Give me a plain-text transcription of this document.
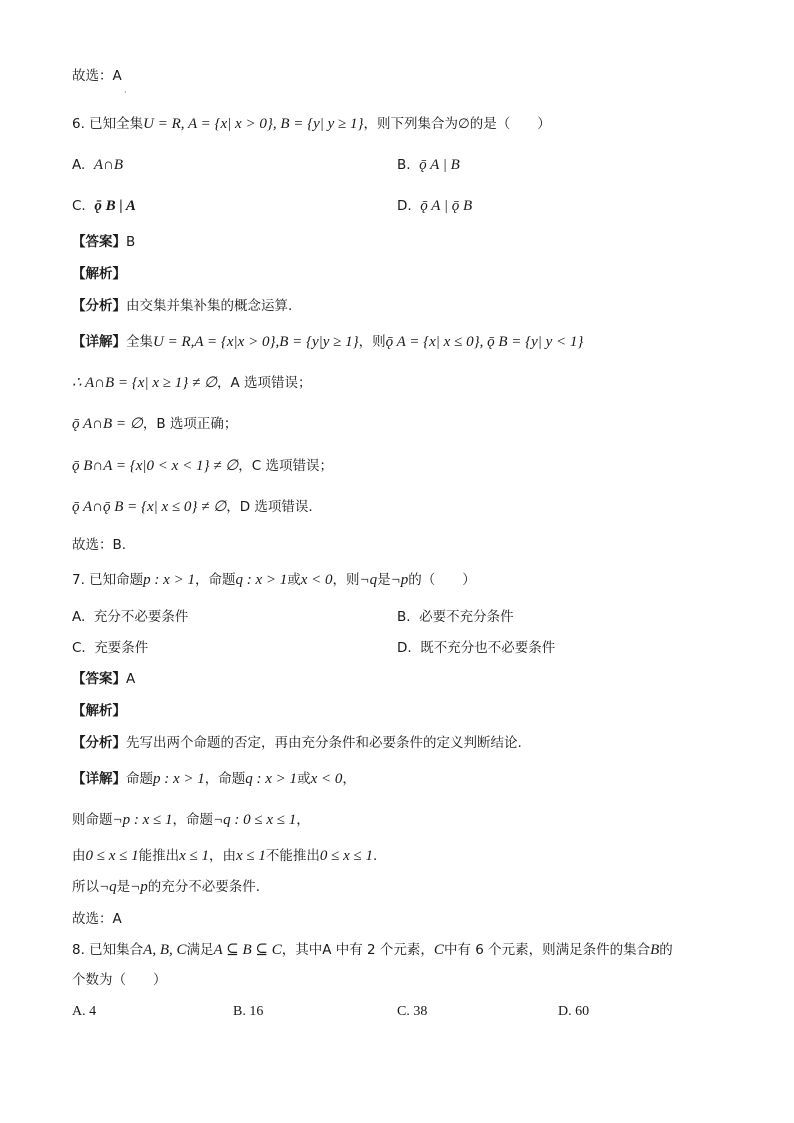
故选：A
·
6. 已知全集U = R, A = {x| x > 0}, B = {y| y ≥ 1}，则下列集合为∅的是（　　）
A. A∩B	B. ǭ A | B
C. ǭ B | A	D. ǭ A | ǭ B
【答案】B
【解析】
【分析】由交集并集补集的概念运算.
【详解】全集U = R,A = {x|x > 0},B = {y|y ≥ 1}，则ǭ A = {x| x ≤ 0}, ǭ B = {y| y < 1}
∴ A∩B = {x| x ≥ 1} ≠ ∅，A 选项错误；
ǭ A∩B = ∅，B 选项正确；
ǭ B∩A = {x|0 < x < 1} ≠ ∅，C 选项错误；
ǭ A∩ǭ B = {x| x ≤ 0} ≠ ∅，D 选项错误.
故选：B.
7. 已知命题p : x > 1，命题q : x > 1或x < 0，则¬q是¬p的（　　）
A. 充分不必要条件	B. 必要不充分条件
C. 充要条件	D. 既不充分也不必要条件
【答案】A
【解析】
【分析】先写出两个命题的否定，再由充分条件和必要条件的定义判断结论.
【详解】命题p : x > 1，命题q : x > 1或x < 0，
则命题¬p : x ≤ 1，命题¬q : 0 ≤ x ≤ 1，
由0 ≤ x ≤ 1能推出x ≤ 1，由x ≤ 1不能推出0 ≤ x ≤ 1.
所以¬q是¬p的充分不必要条件.
故选：A
8. 已知集合A, B, C满足A ⊆ B ⊆ C，其中A 中有 2 个元素，C中有 6 个元素，则满足条件的集合B的
个数为（　　）
A. 4	B. 16	C. 38	D. 60
